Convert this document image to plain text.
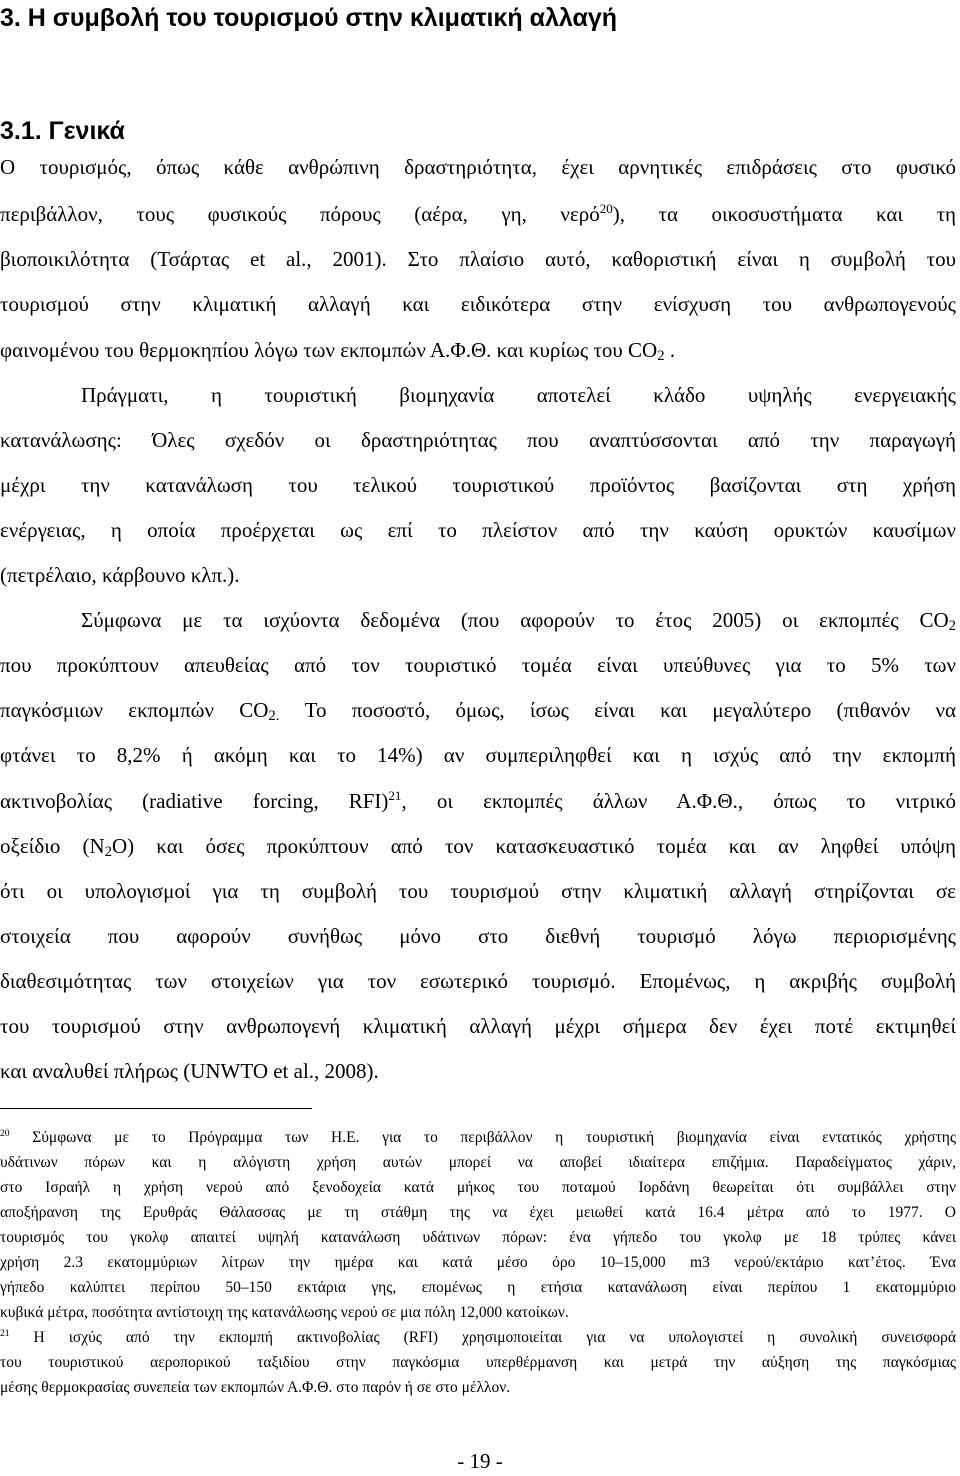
3. Η συμβολή του τουρισμού στην κλιματική αλλαγή
3.1. Γενικά
Ο τουρισμός, όπως κάθε ανθρώπινη δραστηριότητα, έχει αρνητικές επιδράσεις στο φυσικό
περιβάλλον, τους φυσικούς πόρους (αέρα, γη, νερό$^{20}$), τα οικοσυστήματα και τη
βιοποικιλότητα (Τσάρτας et al., 2001). Στο πλαίσιο αυτό, καθοριστική είναι η συμβολή του
τουρισμού στην κλιματική αλλαγή και ειδικότερα στην ενίσχυση του ανθρωπογενούς
φαινομένου του θερμοκηπίου λόγω των εκπομπών Α.Φ.Θ. και κυρίως του CO2 .
Πράγματι, η τουριστική βιομηχανία αποτελεί κλάδο υψηλής ενεργειακής
κατανάλωσης: Όλες σχεδόν οι δραστηριότητας που αναπτύσσονται από την παραγωγή
μέχρι την κατανάλωση του τελικού τουριστικού προϊόντος βασίζονται στη χρήση
ενέργειας, η οποία προέρχεται ως επί το πλείστον από την καύση ορυκτών καυσίμων
(πετρέλαιο, κάρβουνο κλπ.).
Σύμφωνα με τα ισχύοντα δεδομένα (που αφορούν το έτος 2005) οι εκπομπές CO2
που προκύπτουν απευθείας από τον τουριστικό τομέα είναι υπεύθυνες για το 5% των
παγκόσμιων εκπομπών CO2. Το ποσοστό, όμως, ίσως είναι και μεγαλύτερο (πιθανόν να
φτάνει το 8,2% ή ακόμη και το 14%) αν συμπεριληφθεί και η ισχύς από την εκπομπή
ακτινοβολίας (radiative forcing, RFI)$^{21}$, οι εκπομπές άλλων Α.Φ.Θ., όπως το νιτρικό
οξείδιο (N2O) και όσες προκύπτουν από τον κατασκευαστικό τομέα και αν ληφθεί υπόψη
ότι οι υπολογισμοί για τη συμβολή του τουρισμού στην κλιματική αλλαγή στηρίζονται σε
στοιχεία που αφορούν συνήθως μόνο στο διεθνή τουρισμό λόγω περιορισμένης
διαθεσιμότητας των στοιχείων για τον εσωτερικό τουρισμό. Επομένως, η ακριβής συμβολή
του τουρισμού στην ανθρωπογενή κλιματική αλλαγή μέχρι σήμερα δεν έχει ποτέ εκτιμηθεί
και αναλυθεί πλήρως (UNWTO et al., 2008).
$^{20}$ Σύμφωνα με το Πρόγραμμα των Η.Ε. για το περιβάλλον η τουριστική βιομηχανία είναι εντατικός χρήστης
υδάτινων πόρων και η αλόγιστη χρήση αυτών μπορεί να αποβεί ιδιαίτερα επιζήμια. Παραδείγματος χάριν,
στο Ισραήλ η χρήση νερού από ξενοδοχεία κατά μήκος του ποταμού Ιορδάνη θεωρείται ότι συμβάλλει στην
αποξήρανση της Ερυθράς Θάλασσας με τη στάθμη της να έχει μειωθεί κατά 16.4 μέτρα από το 1977. Ο
τουρισμός του γκολφ απαιτεί υψηλή κατανάλωση υδάτινων πόρων: ένα γήπεδο του γκολφ με 18 τρύπες κάνει
χρήση 2.3 εκατομμύριων λίτρων την ημέρα και κατά μέσο όρο 10–15,000 m3 νερού/εκτάριο κατ’έτος. Ένα
γήπεδο καλύπτει περίπου 50–150 εκτάρια γης, επομένως η ετήσια κατανάλωση είναι περίπου 1 εκατομμύριο
κυβικά μέτρα, ποσότητα αντίστοιχη της κατανάλωσης νερού σε μια πόλη 12,000 κατοίκων.
$^{21}$ Η ισχύς από την εκπομπή ακτινοβολίας (RFI) χρησιμοποιείται για να υπολογιστεί η συνολική συνεισφορά
του τουριστικού αεροπορικού ταξιδίου στην παγκόσμια υπερθέρμανση και μετρά την αύξηση της παγκόσμιας
μέσης θερμοκρασίας συνεπεία των εκπομπών Α.Φ.Θ. στο παρόν ή σε στο μέλλον.
- 19 -
